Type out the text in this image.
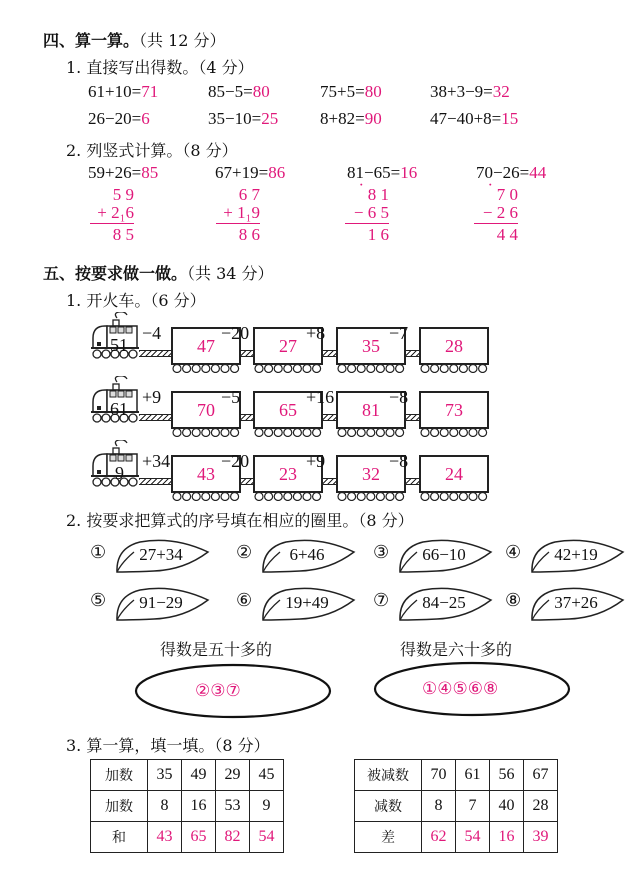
四、算一算。（共 12 分）
1. 直接写出得数。（4 分）
61+10=71	85−5=80	75+5=80	38+3−9=32
26−20=6	35−10=25 8+82=90	47−40+8=15
2. 列竖式计算。（8 分）
59+26=85
5 9
+ 2₁6
8 5
67+19=86
6 7
+ 1₁9
8 6
81−65=16
· 8 1
− 6 5
1 6
70−26=44
· 7 0
− 2 6
4 4
五、按要求做一做。（共 34 分）
1. 开火车。（6 分）
51
−4
47
−20
27
+8
35
−7
28
61
+9
70
−5
65
+16
81
−8
73
9
+34
43
−20
23
+9
32
−8
24
2. 按要求把算式的序号填在相应的圈里。（8 分）
①	27+34	②	6+46	③	66−10	④	42+19
⑤	91−29	⑥	19+49	⑦	84−25	⑧	37+26
得数是五十多的	得数是六十多的
②③⑦	①④⑤⑥⑧
3. 算一算，填一填。（8 分）
加数	35	49	29	45
加数	8	16	53	9
和	43	65	82	54
被减数	70	61	56	67
减数	8	7	40	28
差	62	54	16	39
